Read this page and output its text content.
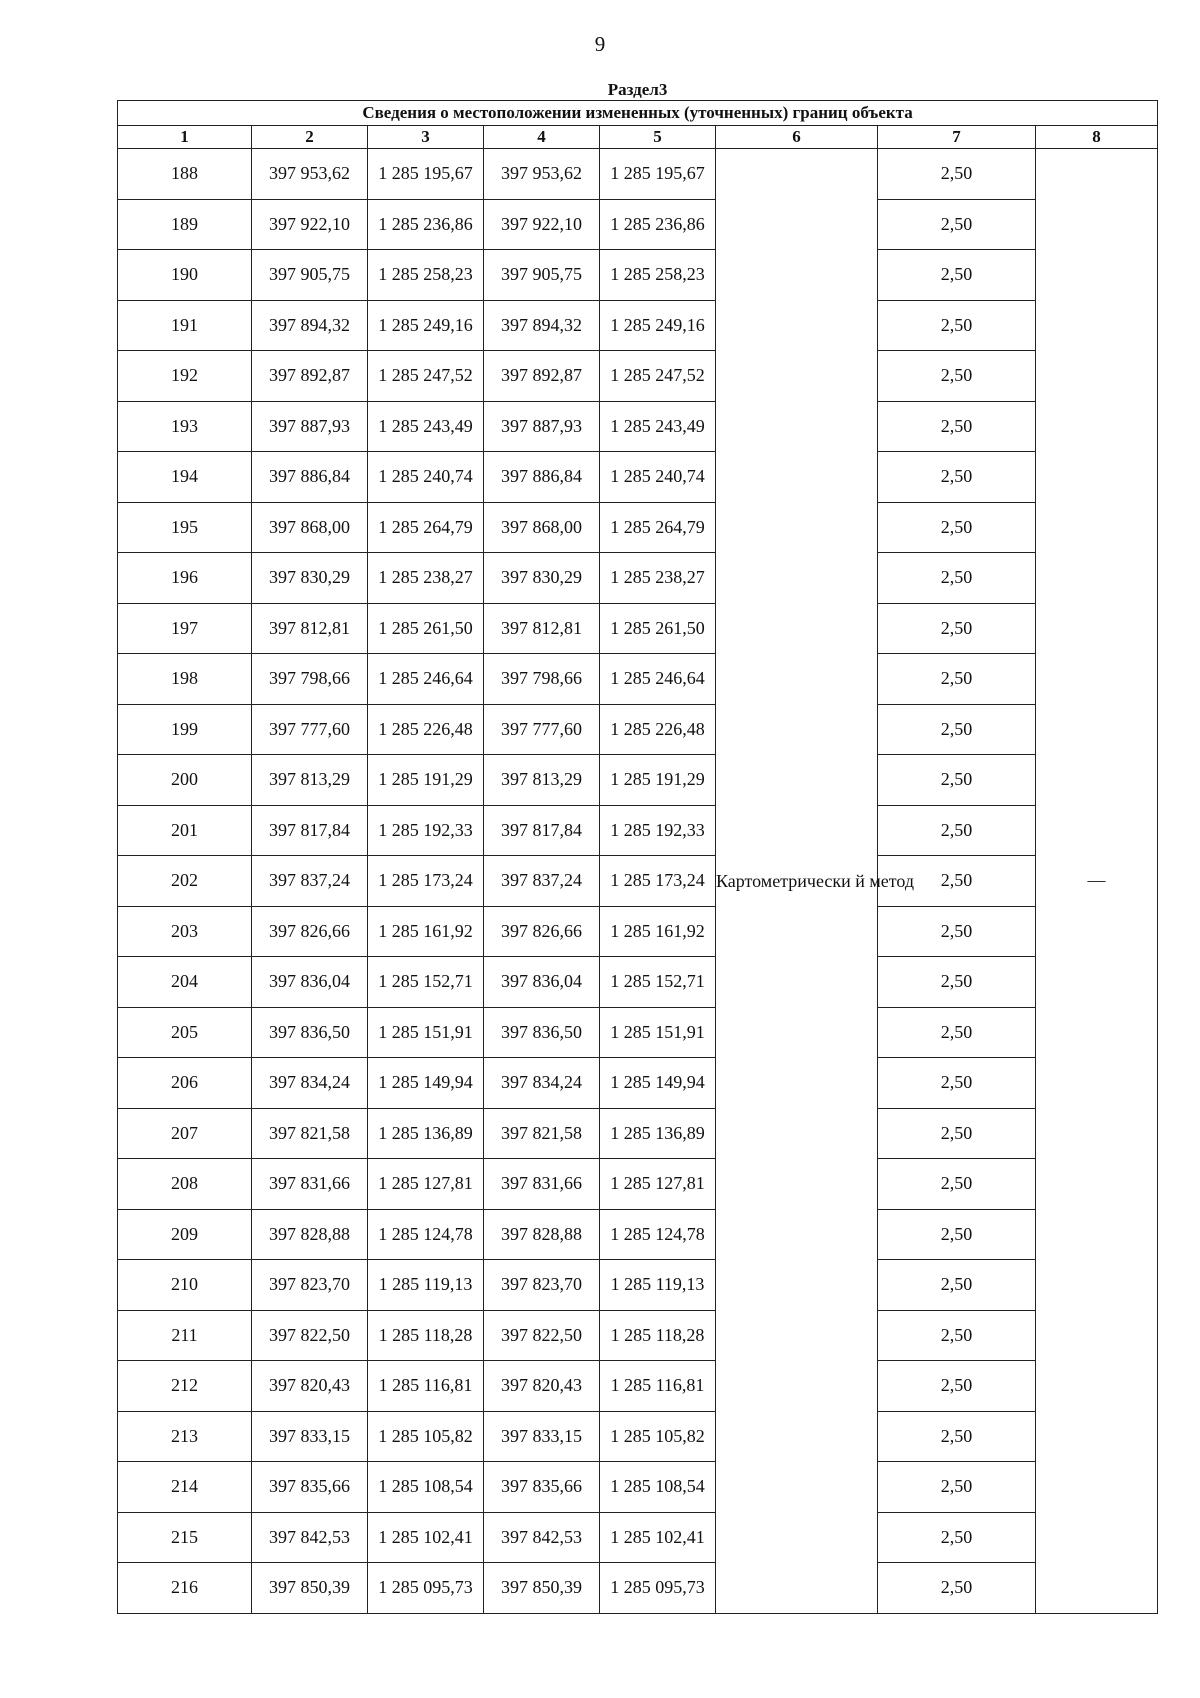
9
Раздел3							
Сведения о местоположении измененных (уточненных) границ объекта							
1	2	3	4	5	6	7	8
188	397 953,62	1 285 195,67	397 953,62	1 285 195,67	Картометрически й метод	2,50	—
189	397 922,10	1 285 236,86	397 922,10	1 285 236,86		2,50	
190	397 905,75	1 285 258,23	397 905,75	1 285 258,23		2,50	
191	397 894,32	1 285 249,16	397 894,32	1 285 249,16		2,50	
192	397 892,87	1 285 247,52	397 892,87	1 285 247,52		2,50	
193	397 887,93	1 285 243,49	397 887,93	1 285 243,49		2,50	
194	397 886,84	1 285 240,74	397 886,84	1 285 240,74		2,50	
195	397 868,00	1 285 264,79	397 868,00	1 285 264,79		2,50	
196	397 830,29	1 285 238,27	397 830,29	1 285 238,27		2,50	
197	397 812,81	1 285 261,50	397 812,81	1 285 261,50		2,50	
198	397 798,66	1 285 246,64	397 798,66	1 285 246,64		2,50	
199	397 777,60	1 285 226,48	397 777,60	1 285 226,48		2,50	
200	397 813,29	1 285 191,29	397 813,29	1 285 191,29		2,50	
201	397 817,84	1 285 192,33	397 817,84	1 285 192,33		2,50	
202	397 837,24	1 285 173,24	397 837,24	1 285 173,24		2,50	
203	397 826,66	1 285 161,92	397 826,66	1 285 161,92		2,50	
204	397 836,04	1 285 152,71	397 836,04	1 285 152,71		2,50	
205	397 836,50	1 285 151,91	397 836,50	1 285 151,91		2,50	
206	397 834,24	1 285 149,94	397 834,24	1 285 149,94		2,50	
207	397 821,58	1 285 136,89	397 821,58	1 285 136,89		2,50	
208	397 831,66	1 285 127,81	397 831,66	1 285 127,81		2,50	
209	397 828,88	1 285 124,78	397 828,88	1 285 124,78		2,50	
210	397 823,70	1 285 119,13	397 823,70	1 285 119,13		2,50	
211	397 822,50	1 285 118,28	397 822,50	1 285 118,28		2,50	
212	397 820,43	1 285 116,81	397 820,43	1 285 116,81		2,50	
213	397 833,15	1 285 105,82	397 833,15	1 285 105,82		2,50	
214	397 835,66	1 285 108,54	397 835,66	1 285 108,54		2,50	
215	397 842,53	1 285 102,41	397 842,53	1 285 102,41		2,50	
216	397 850,39	1 285 095,73	397 850,39	1 285 095,73		2,50	
